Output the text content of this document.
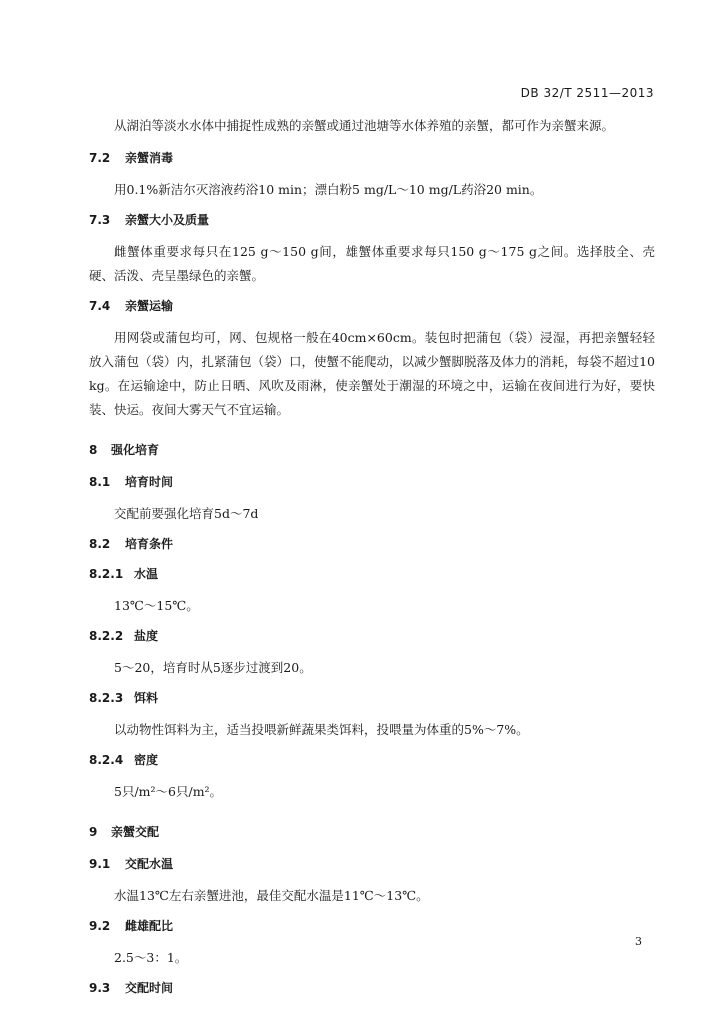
DB 32/T 2511—2013

从湖泊等淡水水体中捕捉性成熟的亲蟹或通过池塘等水体养殖的亲蟹，都可作为亲蟹来源。

7.2 亲蟹消毒

用0.1%新洁尔灭溶液药浴10 min；漂白粉5 mg/L～10 mg/L药浴20 min。

7.3 亲蟹大小及质量

雌蟹体重要求每只在125 g～150 g间，雄蟹体重要求每只150 g～175 g之间。选择肢全、壳硬、活泼、壳呈墨绿色的亲蟹。

7.4 亲蟹运输

用网袋或蒲包均可，网、包规格一般在40cm×60cm。装包时把蒲包（袋）浸湿，再把亲蟹轻轻放入蒲包（袋）内，扎紧蒲包（袋）口，使蟹不能爬动，以减少蟹脚脱落及体力的消耗，每袋不超过10 kg。在运输途中，防止日晒、风吹及雨淋，使亲蟹处于潮湿的环境之中，运输在夜间进行为好，要快装、快运。夜间大雾天气不宜运输。

8 强化培育
8.1 培育时间

交配前要强化培育5d～7d

8.2 培育条件
8.2.1 水温

13℃～15℃。

8.2.2 盐度

5～20，培育时从5逐步过渡到20。

8.2.3 饵料

以动物性饵料为主，适当投喂新鲜蔬果类饵料，投喂量为体重的5%～7%。

8.2.4 密度

5只/m²～6只/m²。

9 亲蟹交配
9.1 交配水温

水温13℃左右亲蟹进池，最佳交配水温是11℃～13℃。

9.2 雌雄配比

2.5～3：1。

9.3 交配时间
3
